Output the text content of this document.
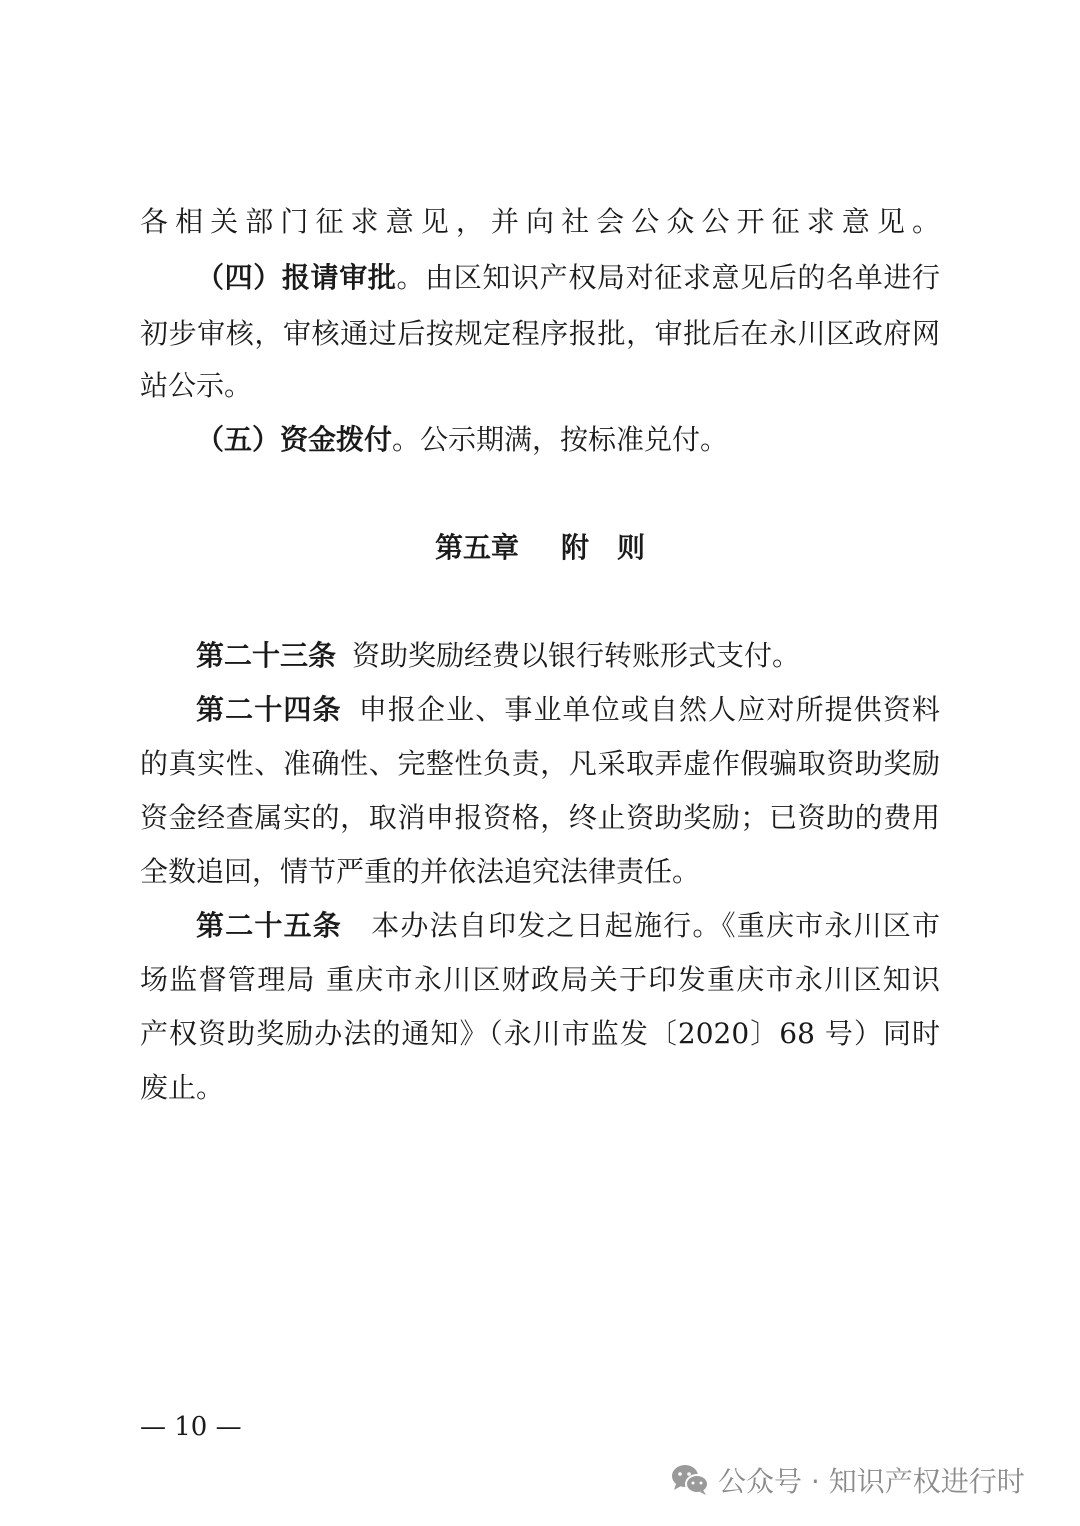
各相关部门征求意见，并向社会公众公开征求意见。
（四）报请审批。由区知识产权局对征求意见后的名单进行
初步审核，审核通过后按规定程序报批，审批后在永川区政府网
站公示。
（五）资金拨付。公示期满，按标准兑付。
第五章 附 则
第二十三条 资助奖励经费以银行转账形式支付。
第二十四条 申报企业、事业单位或自然人应对所提供资料
的真实性、准确性、完整性负责，凡采取弄虚作假骗取资助奖励
资金经查属实的，取消申报资格，终止资助奖励；已资助的费用
全数追回，情节严重的并依法追究法律责任。
第二十五条 本办法自印发之日起施行。《重庆市永川区市
场监督管理局 重庆市永川区财政局关于印发重庆市永川区知识
产权资助奖励办法的通知》（永川市监发〔2020〕68 号）同时
废止。
— 10 —
公众号 · 知识产权进行时
